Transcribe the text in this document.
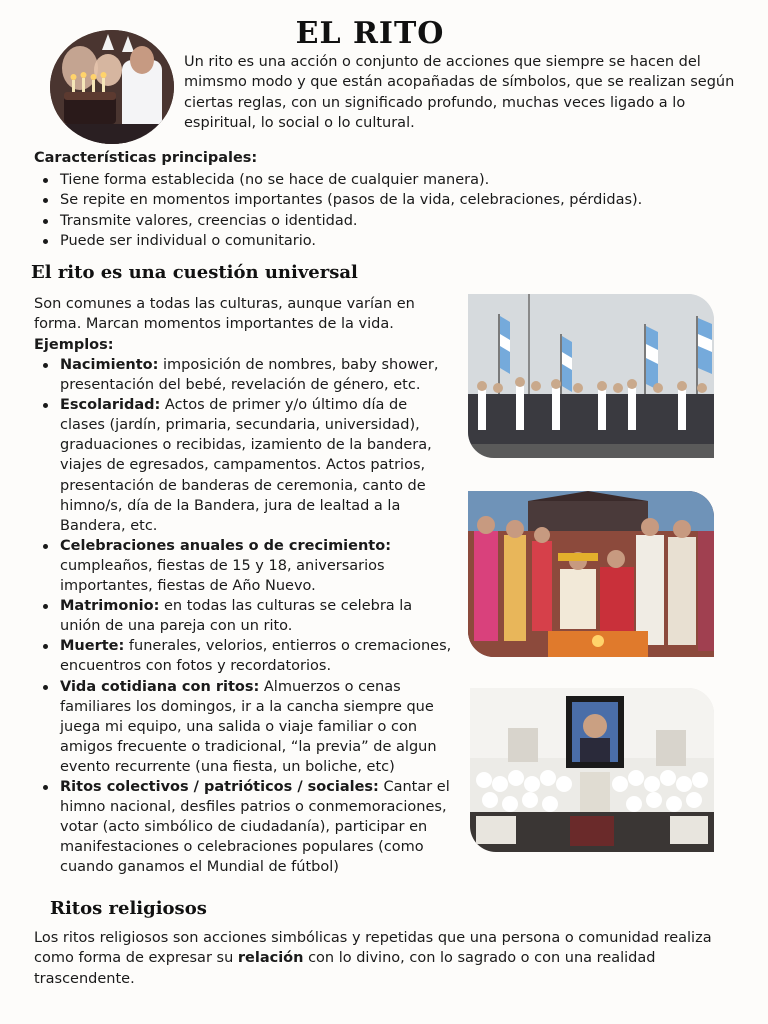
EL RITO
Un rito es una acción o conjunto de acciones que siempre se hacen del mimsmo modo y que están acopañadas de símbolos, que se realizan según ciertas reglas, con un significado profundo, muchas veces ligado a lo espiritual, lo social o lo cultural.
Características principales:
Tiene forma establecida (no se hace de cualquier manera).
Se repite en momentos importantes (pasos de la vida, celebraciones, pérdidas).
Transmite valores, creencias o identidad.
Puede ser individual o comunitario.
El rito es una cuestión universal
Son comunes a todas las culturas, aunque varían en forma. Marcan momentos importantes de la vida.
Ejemplos:
Nacimiento: imposición de nombres, baby shower, presentación del bebé, revelación de género, etc.
Escolaridad: Actos de primer y/o último día de clases (jardín, primaria, secundaria, universidad), graduaciones o recibidas, izamiento de la bandera, viajes de egresados, campamentos. Actos patrios, presentación de banderas de ceremonia, canto de himno/s, día de la Bandera, jura de lealtad a la Bandera, etc.
Celebraciones anuales o de crecimiento: cumpleaños, fiestas de 15 y 18, aniversarios importantes, fiestas de Año Nuevo.
Matrimonio: en todas las culturas se celebra la unión de una pareja con un rito.
Muerte: funerales, velorios, entierros o cremaciones, encuentros con fotos y recordatorios.
Vida cotidiana con ritos: Almuerzos o cenas familiares los domingos, ir a la cancha siempre que juega mi equipo, una salida o viaje familiar o con amigos frecuente o tradicional, “la previa” de algun evento recurrente (una fiesta, un boliche, etc)
Ritos colectivos / patrióticos / sociales: Cantar el himno nacional, desfiles patrios o conmemoraciones, votar (acto simbólico de ciudadanía), participar en manifestaciones o celebraciones populares (como cuando ganamos el Mundial de fútbol)
Ritos religiosos
Los ritos religiosos son acciones simbólicas y repetidas que una persona o comunidad realiza como forma de expresar su relación con lo divino, con lo sagrado o con una realidad trascendente.
